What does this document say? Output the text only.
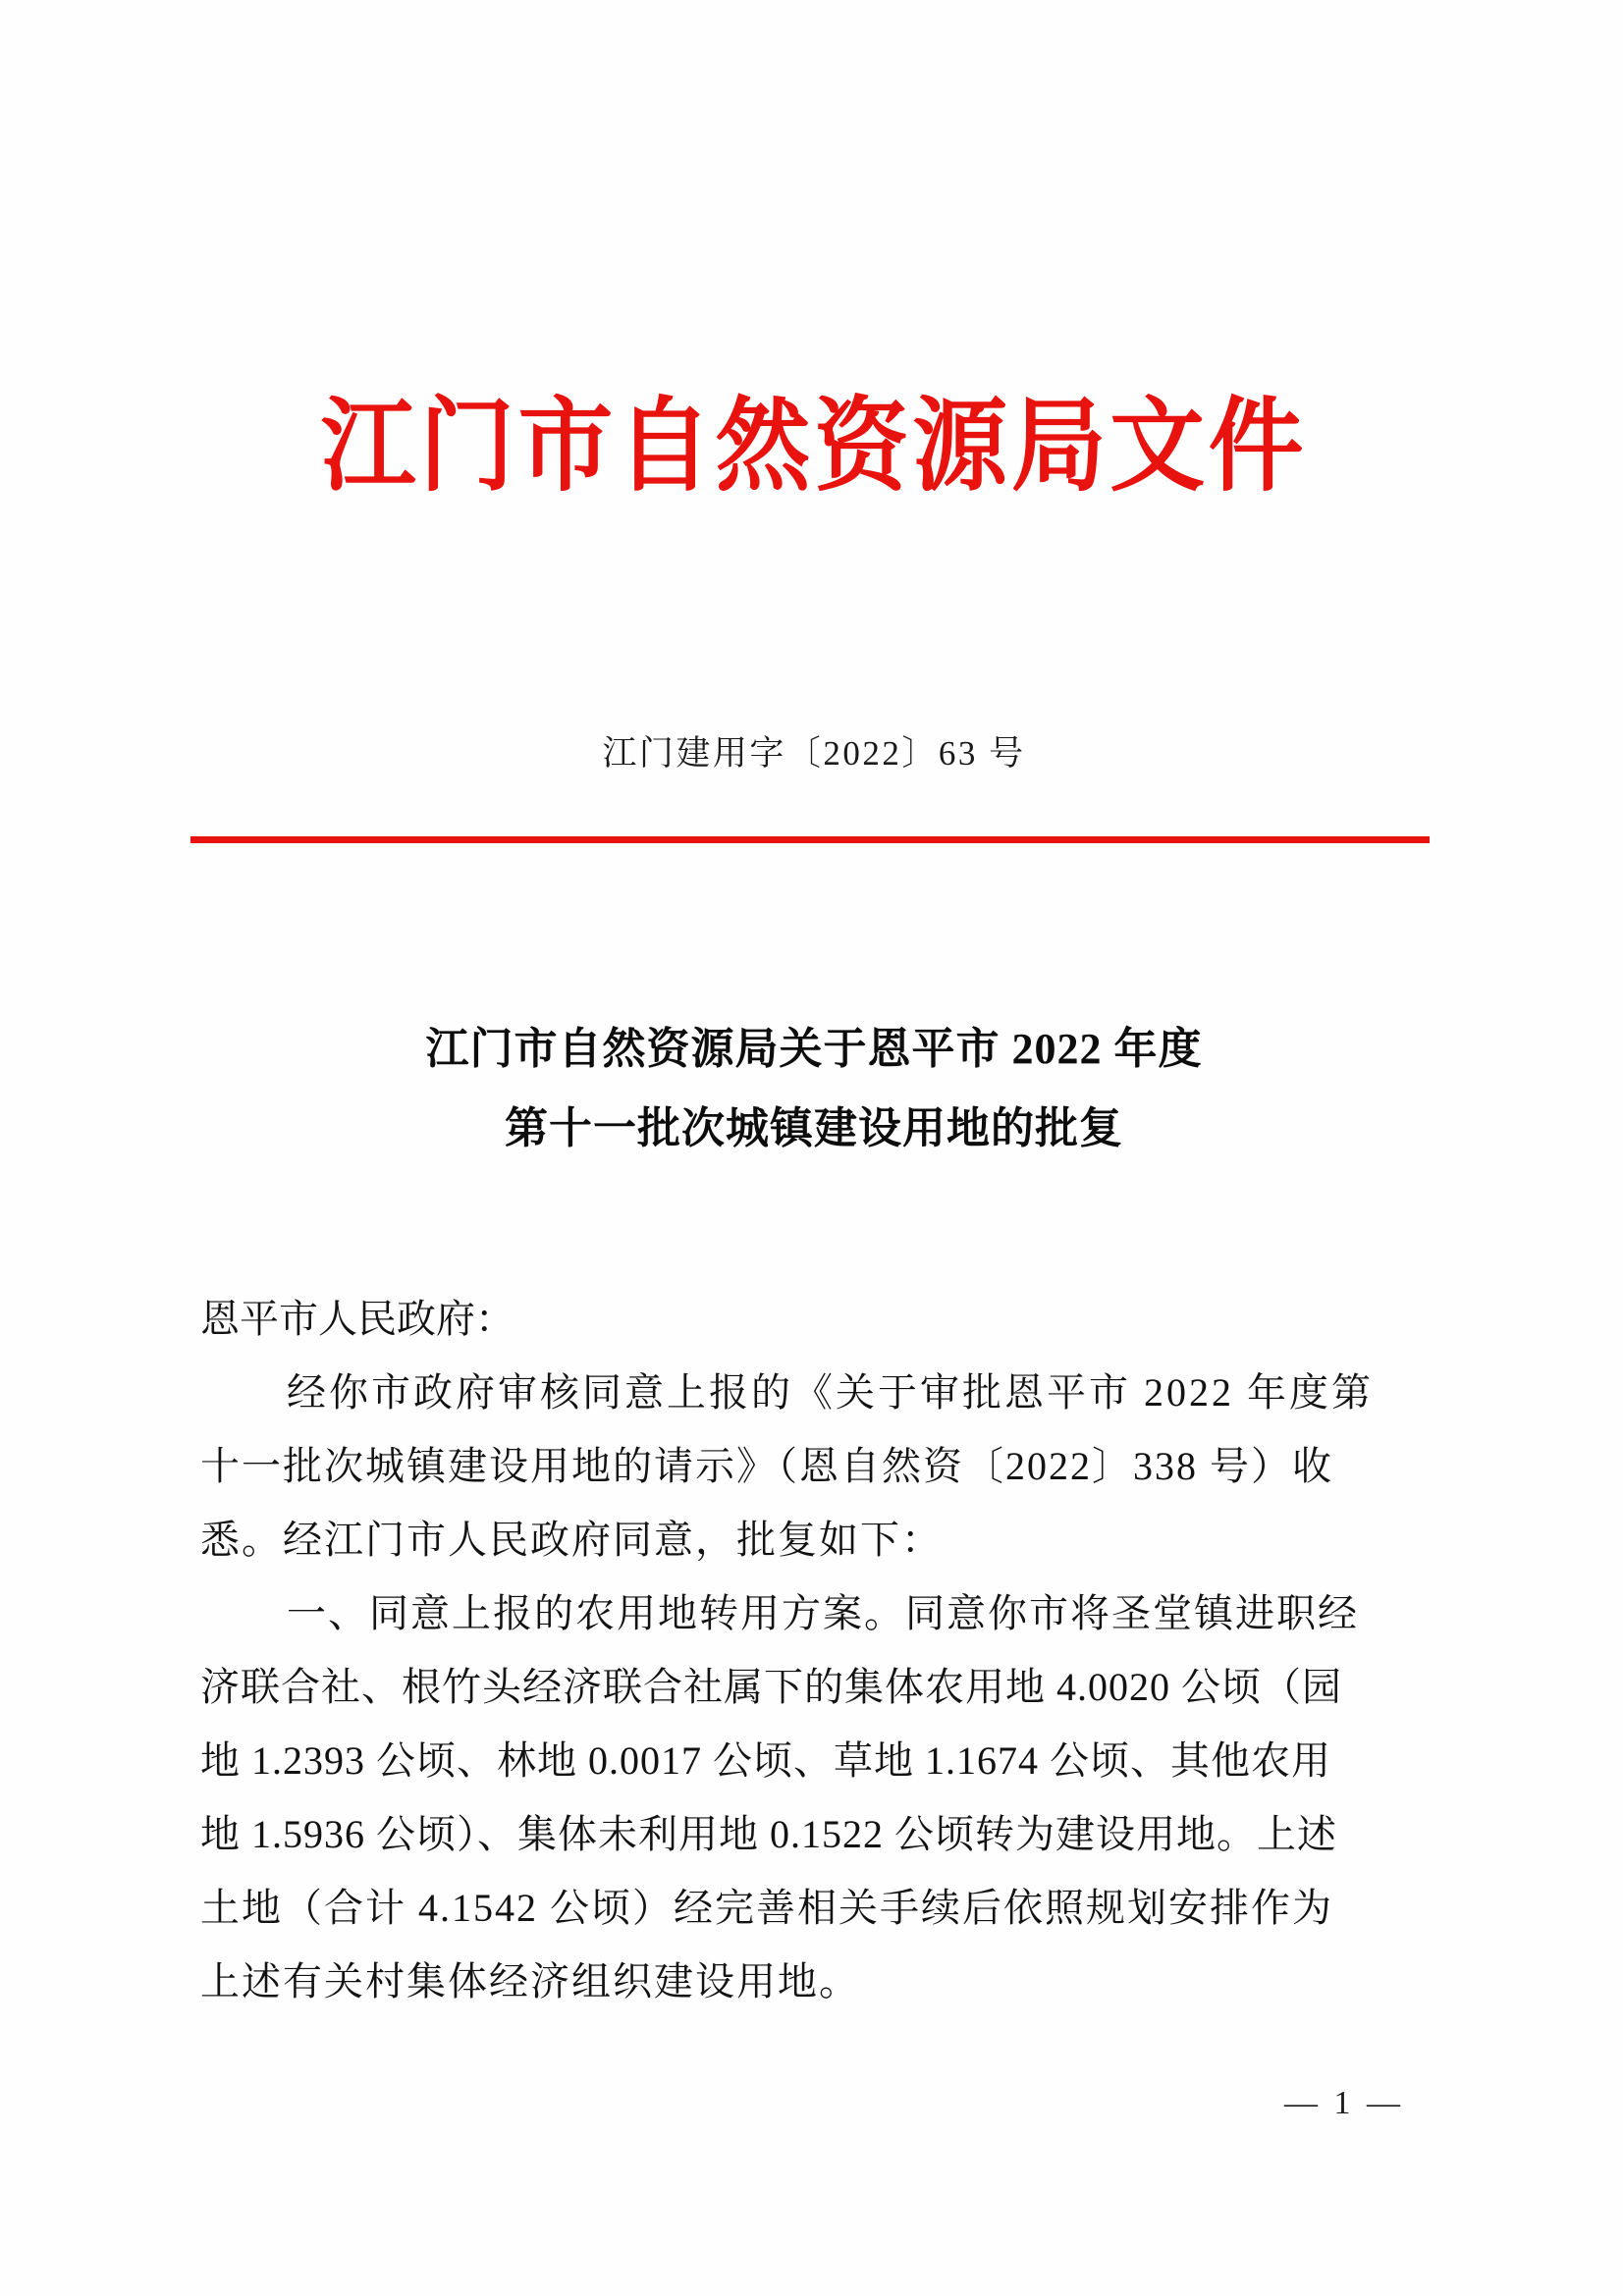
江门市自然资源局文件
江门建用字〔2022〕63 号
江门市自然资源局关于恩平市 2022 年度
第十一批次城镇建设用地的批复
恩平市人民政府：
经你市政府审核同意上报的《关于审批恩平市 2022 年度第
十一批次城镇建设用地的请示》（恩自然资〔2022〕338 号）收
悉。经江门市人民政府同意，批复如下：
一、同意上报的农用地转用方案。同意你市将圣堂镇进职经
济联合社、根竹头经济联合社属下的集体农用地 4.0020 公顷（园
地 1.2393 公顷、林地 0.0017 公顷、草地 1.1674 公顷、其他农用
地 1.5936 公顷）、集体未利用地 0.1522 公顷转为建设用地。上述
土地（合计 4.1542 公顷）经完善相关手续后依照规划安排作为
上述有关村集体经济组织建设用地。
— 1 —
